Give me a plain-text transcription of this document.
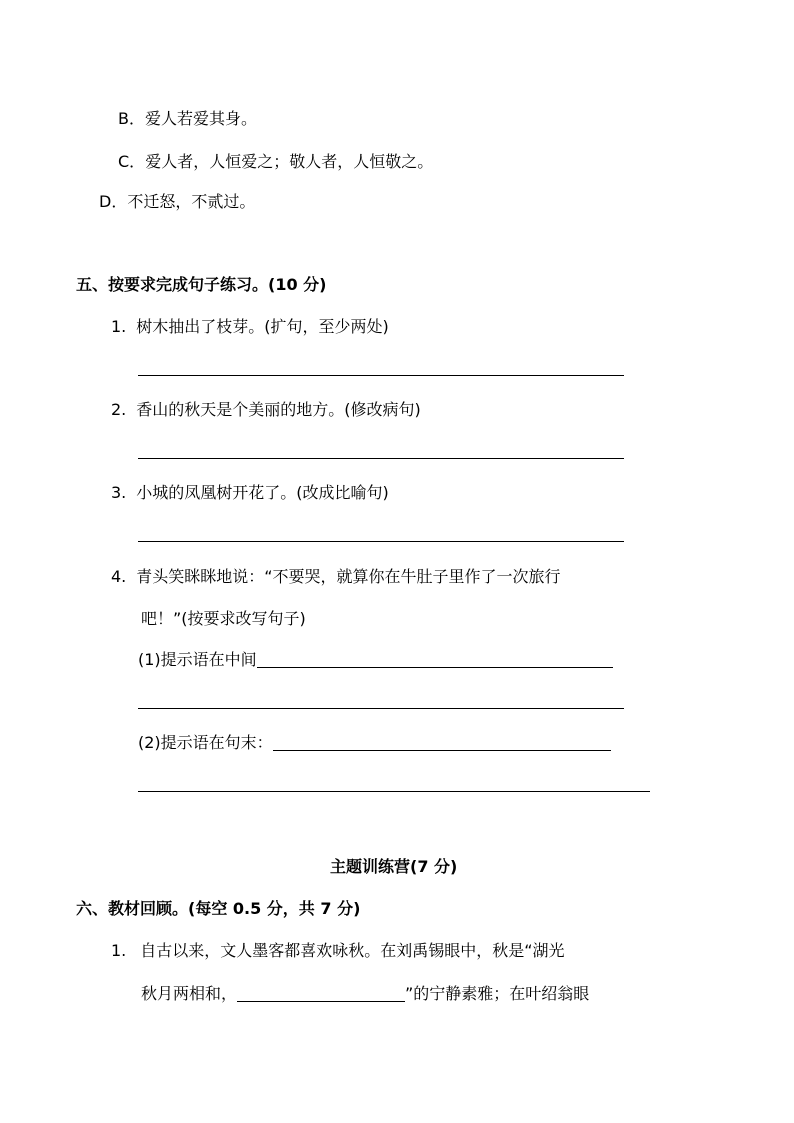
B．爱人若爱其身。
C．爱人者，人恒爱之；敬人者，人恒敬之。
D．不迁怒，不贰过。
五、按要求完成句子练习。(10 分)
1. 树木抽出了枝芽。(扩句，至少两处)
2. 香山的秋天是个美丽的地方。(修改病句)
3. 小城的凤凰树开花了。(改成比喻句)
4. 青头笑眯眯地说：“不要哭，就算你在牛肚子里作了一次旅行
吧！”(按要求改写句子)
(1)提示语在中间
(2)提示语在句末：
主题训练营(7 分)
六、教材回顾。(每空 0.5 分，共 7 分)
1. 自古以来，文人墨客都喜欢咏秋。在刘禹锡眼中，秋是“湖光
秋月两相和，	”的宁静素雅；在叶绍翁眼
